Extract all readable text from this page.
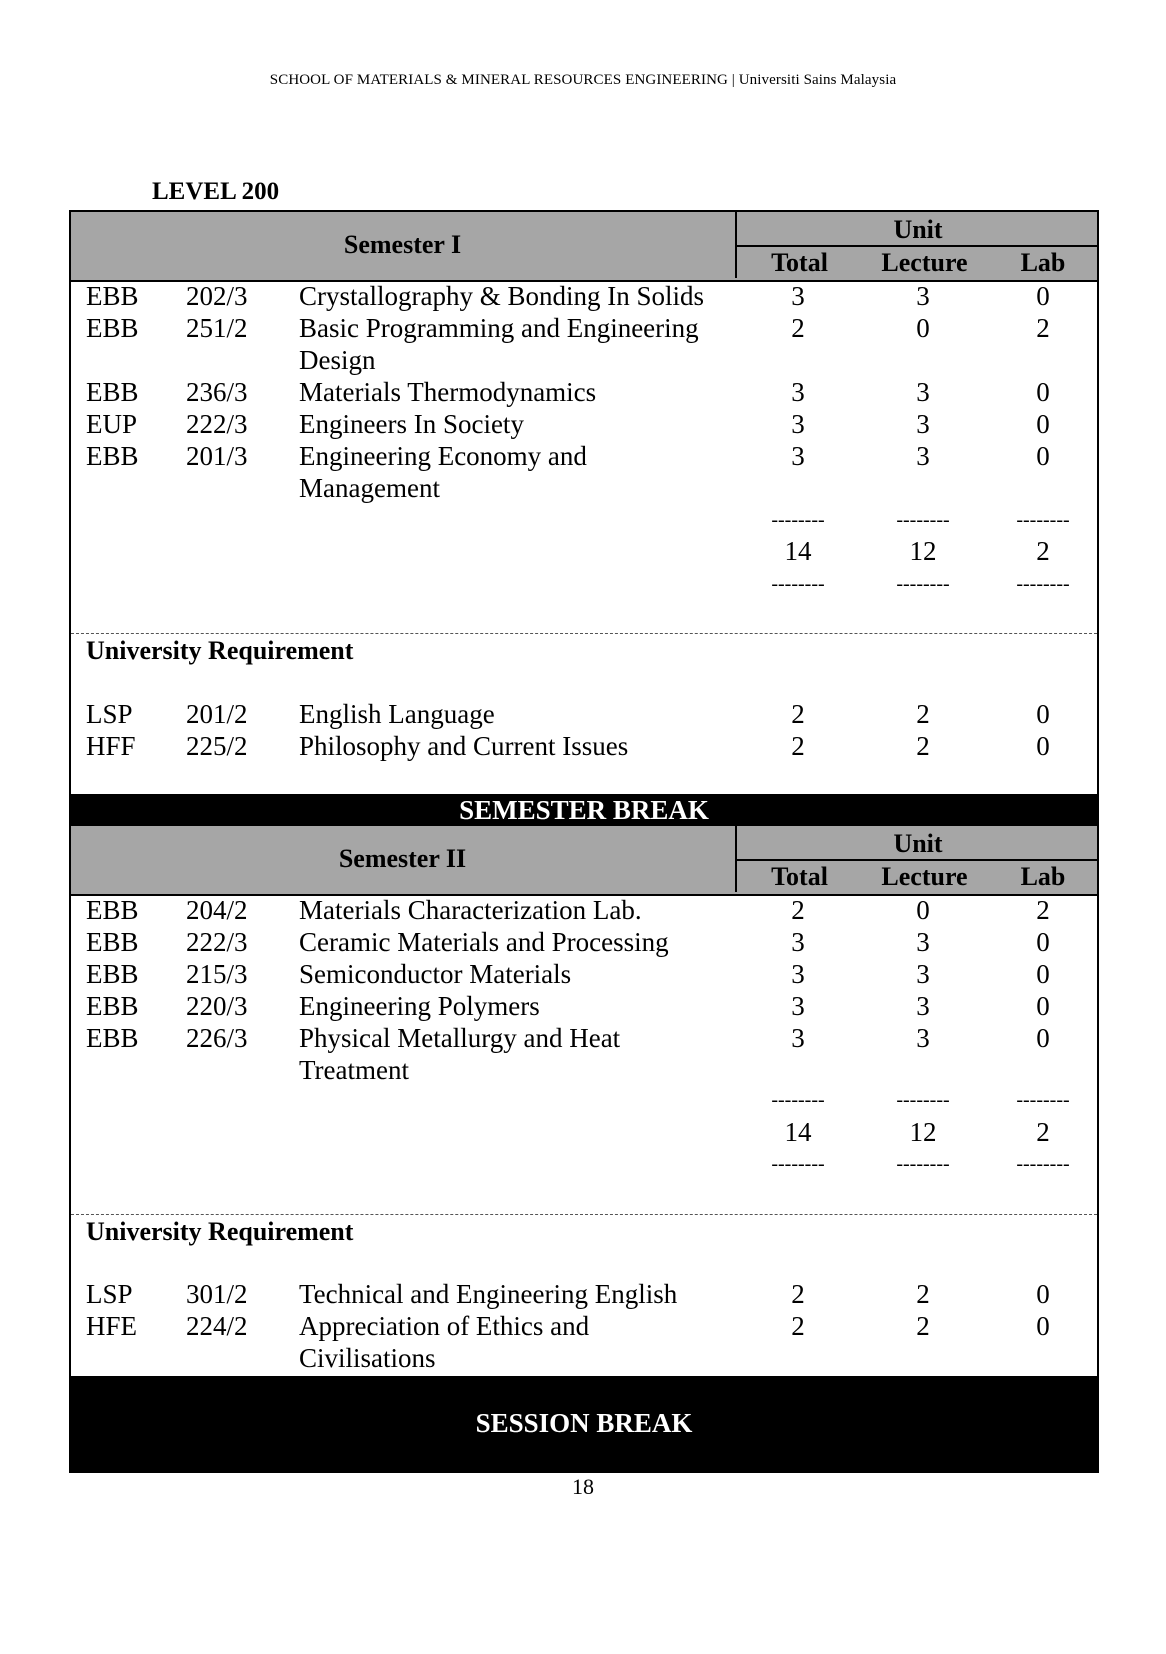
SCHOOL OF MATERIALS & MINERAL RESOURCES ENGINEERING | Universiti Sains Malaysia
LEVEL 200
Semester I
Unit
Total	Lecture	Lab
EBB 202/3 Crystallography & Bonding In Solids	3	3	0
EBB 251/2 Basic Programming and Engineering	2	0	2
Design
EBB 236/3 Materials Thermodynamics	3	3	0
EUP 222/3 Engineers In Society	3	3	0
EBB 201/3 Engineering Economy and	3	3	0
Management
--------	--------	--------
14	12	2
--------	--------	--------
University Requirement
LSP 201/2 English Language	2	2	0
HFF 225/2 Philosophy and Current Issues	2	2	0
SEMESTER BREAK
Semester II
Unit
Total	Lecture	Lab
EBB 204/2 Materials Characterization Lab.	2	0	2
EBB 222/3 Ceramic Materials and Processing	3	3	0
EBB 215/3 Semiconductor Materials	3	3	0
EBB 220/3 Engineering Polymers	3	3	0
EBB 226/3 Physical Metallurgy and Heat	3	3	0
Treatment
--------	--------	--------
14	12	2
--------	--------	--------
University Requirement
LSP 301/2 Technical and Engineering English	2	2	0
HFE 224/2 Appreciation of Ethics and	2	2	0
Civilisations
SESSION BREAK
18
